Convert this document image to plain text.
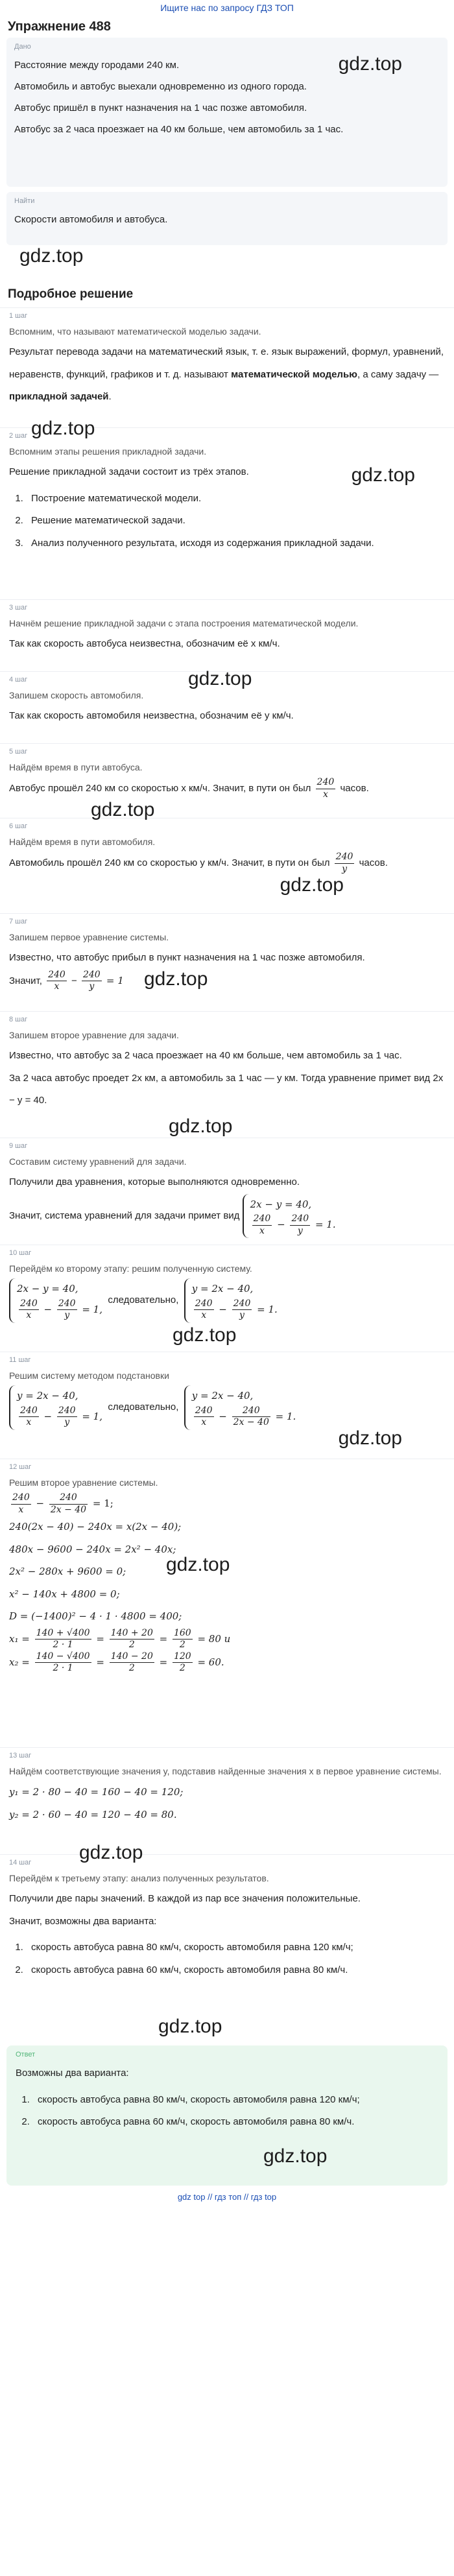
Ищите нас по запросу ГДЗ ТОП
Упражнение 488
Дано

Расстояние между городами 240 км.

Автомобиль и автобус выехали одновременно из одного города.

Автобус пришёл в пункт назначения на 1 час позже автомобиля.

Автобус за 2 часа проезжает на 40 км больше, чем автомобиль за 1 час.

gdz.top
Найти

Скорости автомобиля и автобуса.

gdz.top
Подробное решение
1 шаг
Вспомним, что называют математической моделью задачи.
Результат перевода задачи на математический язык, т. е. язык выражений, формул, уравнений, неравенств, функций, графиков и т. д. называют математической моделью, а саму задачу — прикладной задачей.
gdz.top
gdz.top
2 шаг
Вспомним этапы решения прикладной задачи.
Решение прикладной задачи состоит из трёх этапов.
1. Построение математической модели.
2. Решение математической задачи.
3. Анализ полученного результата, исходя из содержания прикладной задачи.
3 шаг
Начнём решение прикладной задачи с этапа построения математической модели.
Так как скорость автобуса неизвестна, обозначим её x км/ч.
gdz.top
4 шаг
Запишем скорость автомобиля.
Так как скорость автомобиля неизвестна, обозначим её y км/ч.
5 шаг
Найдём время в пути автобуса.
Автобус прошёл 240 км со скоростью x км/ч. Значит, в пути он был $\frac{240}{x}$ часов.
gdz.top
gdz.top
6 шаг
Найдём время в пути автомобиля.
Автомобиль прошёл 240 км со скоростью y км/ч. Значит, в пути он был $\frac{240}{y}$ часов.
gdz.top
7 шаг
Запишем первое уравнение системы.
Известно, что автобус прибыл в пункт назначения на 1 час позже автомобиля.
Значит, $\frac{240}{x} - \frac{240}{y} = 1$
gdz.top
8 шаг
Запишем второе уравнение для задачи.
Известно, что автобус за 2 часа проезжает на 40 км больше, чем автомобиль за 1 час.
За 2 часа автобус проедет 2x км, а автомобиль за 1 час — y км. Тогда уравнение примет вид 2x − y = 40.
9 шаг
Составим систему уравнений для задачи.
Получили два уравнения, которые выполняются одновременно.
Значит, система уравнений для задачи примет вид 2x − y = 40,

$\frac{240}{x} - \frac{240}{y} = 1$.
gdz.top
10 шаг
Перейдём ко второму этапу: решим полученную систему.
2x − y = 40,

$\frac{240}{x} - \frac{240}{y} = 1$,  следовательно,  y = 2x − 40,

$\frac{240}{x} - \frac{240}{y} = 1$.
gdz.top
11 шаг
Решим систему методом подстановки
y = 2x − 40,

$\frac{240}{x} - \frac{240}{y} = 1$,  следовательно,  y = 2x − 40,

$\frac{240}{x} - \frac{240}{2x - 40} = 1$.
gdz.top
12 шаг
Решим второе уравнение системы.
$\frac{240}{x} - \frac{240}{2x - 40} = 1$;
240(2x − 40) − 240x = x(2x − 40);
480x − 9600 − 240x = 2x² − 40x;
2x² − 280x + 9600 = 0;
x² − 140x + 4800 = 0;
D = (−1400)² − 4 · 1 · 4800 = 400;
$x_1 = \frac{140 + √400}{2 \cdot 1} = \frac{140 + 20}{2} = \frac{160}{2} = 80$ и
$x_2 = \frac{140 - √400}{2 \cdot 1} = \frac{140 - 20}{2} = \frac{120}{2} = 60$.
13 шаг
Найдём соответствующие значения y, подставив найденные значения x в первое уравнение системы.
y₁ = 2 · 80 − 40 = 160 − 40 = 120;
y₂ = 2 · 60 − 40 = 120 − 40 = 80.
gdz.top
14 шаг
Перейдём к третьему этапу: анализ полученных результатов.
Получили две пары значений. В каждой из пар все значения положительные.
Значит, возможны два варианта:
1. скорость автобуса равна 80 км/ч, скорость автомобиля равна 120 км/ч;
2. скорость автобуса равна 60 км/ч, скорость автомобиля равна 80 км/ч.
gdz.top
Ответ
Возможны два варианта:
1. скорость автобуса равна 80 км/ч, скорость автомобиля равна 120 км/ч;
2. скорость автобуса равна 60 км/ч, скорость автомобиля равна 80 км/ч.
gdz.top
gdz top // гдз топ // гдз top
